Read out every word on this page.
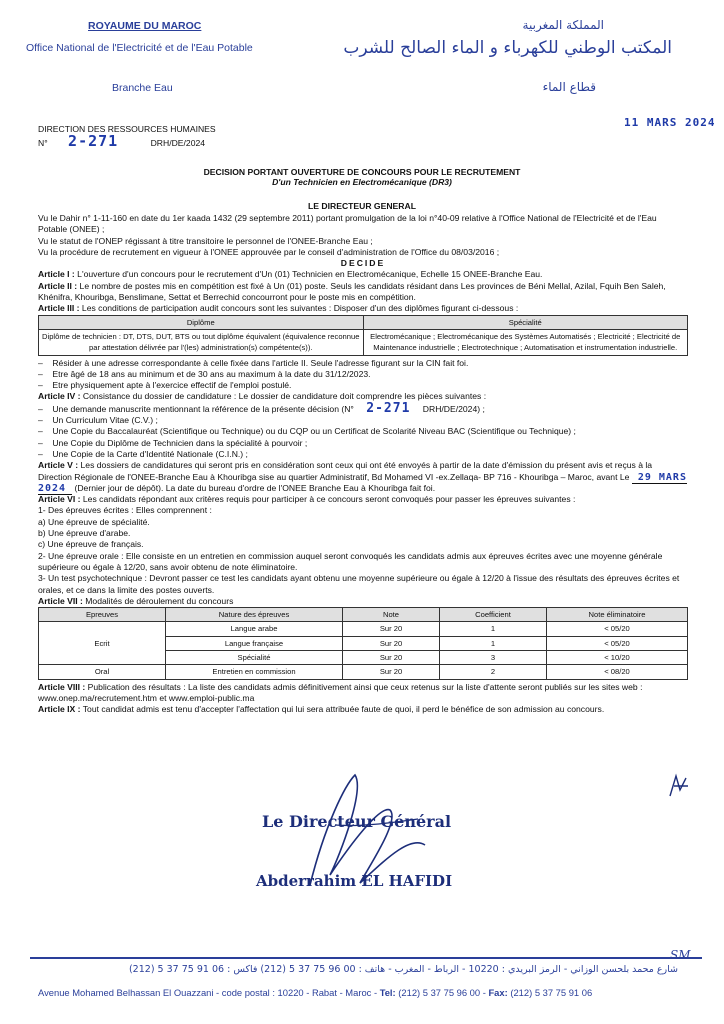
ROYAUME DU MAROC
Office National de l'Electricité et de l'Eau Potable
Branche Eau
المملكة المغربية
المكتب الوطني للكهرباء و الماء الصالح للشرب
قطاع الماء
DIRECTION DES RESSOURCES HUMAINES
N° 2-271	DRH/DE/2024
11 MARS 2024
DECISION PORTANT OUVERTURE DE CONCOURS POUR LE RECRUTEMENT
D'un Technicien en Electromécanique (DR3)
LE DIRECTEUR GENERAL
Vu le Dahir n° 1-11-160 en date du 1er kaada 1432 (29 septembre 2011) portant promulgation de la loi n°40-09 relative à l'Office National de l'Electricité et de l'Eau Potable (ONEE) ;
Vu le statut de l'ONEP régissant à titre transitoire le personnel de l'ONEE-Branche Eau ;
Vu la procédure de recrutement en vigueur à l'ONEE approuvée par le conseil d'administration de l'Office du 08/03/2016 ;
DECIDE
Article I : L'ouverture d'un concours pour le recrutement d'Un (01) Technicien en Electromécanique, Echelle 15 ONEE-Branche Eau.
Article II : Le nombre de postes mis en compétition est fixé à Un (01) poste. Seuls les candidats résidant dans Les provinces de Béni Mellal, Azilal, Fquih Ben Saleh, Khénifra, Khouribga, Benslimane, Settat et Berrechid concourront pour le poste mis en compétition.
Article III : Les conditions de participation audit concours sont les suivantes : Disposer d'un des diplômes figurant ci-dessous :
Diplôme	Spécialité
Diplôme de technicien : DT, DTS, DUT, BTS ou tout diplôme équivalent (équivalence reconnue par attestation délivrée par l'(les) administration(s) compétente(s)).	Electromécanique ; Electromécanique des Systèmes Automatisés ; Electricité ; Electricité de Maintenance industrielle ; Electrotechnique ; Automatisation et instrumentation industrielle.
–    Résider à une adresse correspondante à celle fixée dans l'article II. Seule l'adresse figurant sur la CIN fait foi.
–    Etre âgé de 18 ans au minimum et de 30 ans au maximum à la date du 31/12/2023.
–    Etre physiquement apte à l'exercice effectif de l'emploi postulé.
Article IV : Consistance du dossier de candidature : Le dossier de candidature doit comprendre les pièces suivantes :
–    Une demande manuscrite mentionnant la référence de la présente décision (N° 2-271 DRH/DE/2024) ;
–    Un Curriculum Vitae (C.V.) ;
–    Une Copie du Baccalauréat (Scientifique ou Technique) ou du CQP ou un Certificat de Scolarité Niveau BAC (Scientifique ou Technique) ;
–    Une Copie du Diplôme de Technicien dans la spécialité à pourvoir ;
–    Une Copie de la Carte d'Identité Nationale (C.I.N.) ;
Article V : Les dossiers de candidatures qui seront pris en considération sont ceux qui ont été envoyés à partir de la date d'émission du présent avis et reçus à la Direction Régionale de l'ONEE-Branche Eau à Khouribga sise au quartier Administratif, Bd Mohamed VI -ex.Zellaqa- BP 716 - Khouribga – Maroc, avant Le 29 MARS 2024 (Dernier jour de dépôt). La date du bureau d'ordre de l'ONEE Branche Eau à Khouribga fait foi.
Article VI : Les candidats répondant aux critères requis pour participer à ce concours seront convoqués pour passer les épreuves suivantes :
1- Des épreuves écrites : Elles comprennent :
a) Une épreuve de spécialité.
b) Une épreuve d'arabe.
c) Une épreuve de français.
2- Une épreuve orale : Elle consiste en un entretien en commission auquel seront convoqués les candidats admis aux épreuves écrites avec une moyenne générale supérieure ou égale à 12/20, sans avoir obtenu de note éliminatoire.
3- Un test psychotechnique : Devront passer ce test les candidats ayant obtenu une moyenne supérieure ou égale à 12/20 à l'issue des résultats des épreuves écrites et orales, et ce dans la limite des postes ouverts.
Article VII : Modalités de déroulement du concours
Epreuves	Nature des épreuves	Note	Coefficient	Note éliminatoire
Ecrit	Langue arabe	Sur 20	1	< 05/20
	Langue française	Sur 20	1	< 05/20
	Spécialité	Sur 20	3	< 10/20
Oral	Entretien en commission	Sur 20	2	< 08/20
Article VIII : Publication des résultats : La liste des candidats admis définitivement ainsi que ceux retenus sur la liste d'attente seront publiés sur les sites web : www.onep.ma/recrutement.htm et www.emploi-public.ma
Article IX : Tout candidat admis est tenu d'accepter l'affectation qui lui sera attribuée faute de quoi, il perd le bénéfice de son admission au concours.
Le Directeur Général
Abderrahim EL HAFIDI
شارع محمد بلحسن الوزاني - الرمز البريدي : 10220 - الرباط - المغرب - هاتف : 00 96 75 37 5 (212) فاكس : 06 91 75 37 5 (212)
SM
Avenue Mohamed Belhassan El Ouazzani - code postal : 10220 - Rabat - Maroc - Tel: (212) 5 37 75 96 00 - Fax: (212) 5 37 75 91 06
